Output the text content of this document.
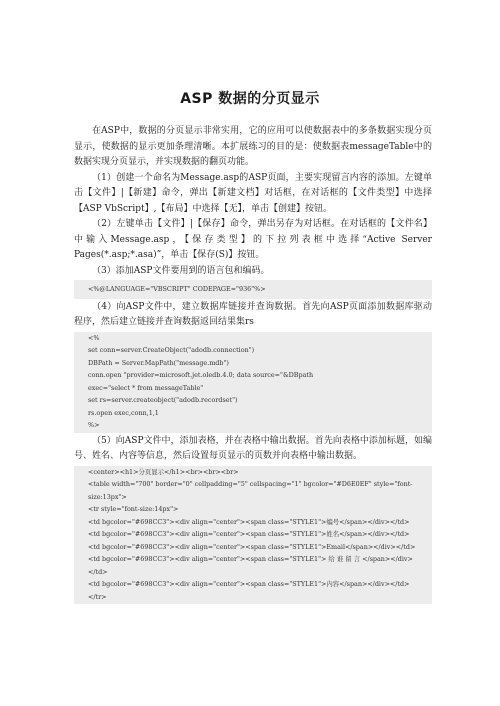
ASP 数据的分页显示

在ASP中，数据的分页显示非常实用，它的应用可以使数据表中的多条数据实现分页显示，使数据的显示更加条理清晰。本扩展练习的目的是：使数据表messageTable中的数据实现分页显示，并实现数据的翻页功能。

（1）创建一个命名为Message.asp的ASP页面，主要实现留言内容的添加。左键单击【文件】|【新建】命令，弹出【新建文档】对话框，在对话框的【文件类型】中选择【ASP VbScript】,【布局】中选择【无】，单击【创建】按钮。

（2）左键单击【文件】|【保存】命令，弹出另存为对话框。在对话框的【文件名】中输入Message.asp，【保存类型】的下拉列表框中选择“Active Server Pages(*.asp;*.asa)”，单击【保存(S)】按钮。

（3）添加ASP文件要用到的语言包和编码。

<%@LANGUAGE="VBSCRIPT" CODEPAGE="936"%>

（4）向ASP文件中，建立数据库链接并查询数据。首先向ASP页面添加数据库驱动程序，然后建立链接并查询数据返回结果集rs

<%
set conn=server.CreateObject("adodb.connection")
DBPath = Server.MapPath("message.mdb")
conn.open "provider=microsoft.jet.oledb.4.0; data source="&DBpath
exec="select * from messageTable"
set rs=server.createobject("adodb.recordset")
rs.open exec,conn,1,1
%>

（5）向ASP文件中，添加表格，并在表格中输出数据。首先向表格中添加标题，如编号、姓名、内容等信息，然后设置每页显示的页数并向表格中输出数据。

<center><h1>分页显示</h1><br><br><br>
<table width="700" border="0" cellpadding="5" cellspacing="1" bgcolor="#D6E0EF" style="font-size:13px">
<tr style="font-size:14px">
<td bgcolor="#698CC3"><div align="center"><span class="STYLE1">编号</span></div></td>
<td bgcolor="#698CC3"><div align="center"><span class="STYLE1">姓名</span></div></td>
<td bgcolor="#698CC3"><div align="center"><span class="STYLE1">Email</span></div></td>
<td bgcolor="#698CC3"><div align="center"><span class="STYLE1"> 给 谁 留 言 </span></div></td>
<td bgcolor="#698CC3"><div align="center"><span class="STYLE1">内容</span></div></td>
</tr>
